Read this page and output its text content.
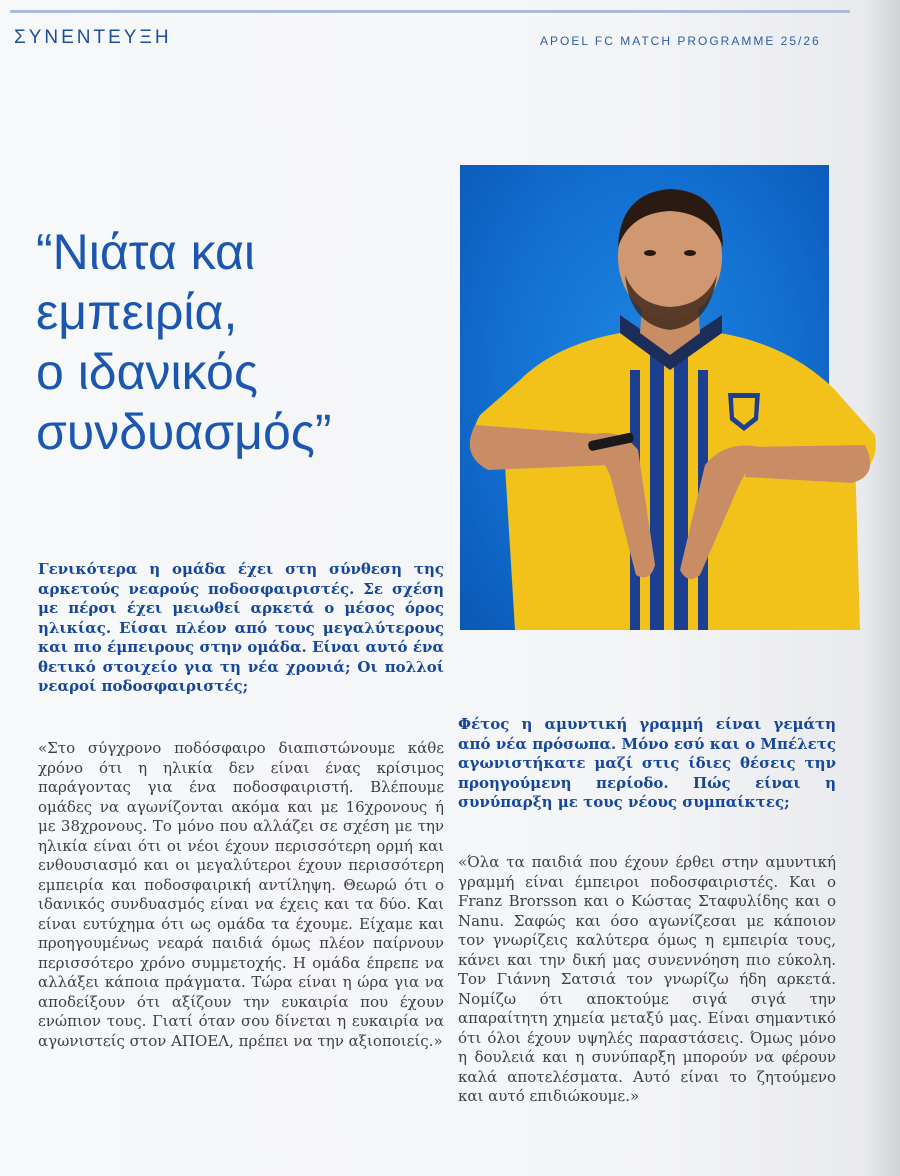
ΣΥΝΕΝΤΕΥΞΗ	APOEL FC MATCH PROGRAMME 25/26
“Νιάτα και
εμπειρία,
ο ιδανικός
συνδυασμός”

Γενικότερα η ομάδα έχει στη σύνθεση της αρκετούς νεαρούς ποδοσφαιριστές. Σε σχέση με πέρσι έχει μειωθεί αρκετά ο μέσος όρος ηλικίας. Είσαι πλέον από τους μεγαλύτερους και πιο έμπειρους στην ομάδα. Είναι αυτό ένα θετικό στοιχείο για τη νέα χρονιά; Οι πολλοί νεαροί ποδοσφαιριστές;

«Στο σύγχρονο ποδόσφαιρο διαπιστώνουμε κάθε χρόνο ότι η ηλικία δεν είναι ένας κρίσιμος παράγοντας για ένα ποδοσφαιριστή. Βλέπουμε ομάδες να αγωνίζονται ακόμα και με 16χρονους ή με 38χρονους. Το μόνο που αλλάζει σε σχέση με την ηλικία είναι ότι οι νέοι έχουν περισσότερη ορμή και ενθουσιασμό και οι μεγαλύτεροι έχουν περισσότερη εμπειρία και ποδοσφαιρική αντίληψη. Θεωρώ ότι ο ιδανικός συνδυασμός είναι να έχεις και τα δύο. Και είναι ευτύχημα ότι ως ομάδα τα έχουμε. Είχαμε και προηγουμένως νεαρά παιδιά όμως πλέον παίρνουν περισσότερο χρόνο συμμετοχής. Η ομάδα έπρεπε να αλλάξει κάποια πράγματα. Τώρα είναι η ώρα για να αποδείξουν ότι αξίζουν την ευκαιρία που έχουν ενώπιον τους. Γιατί όταν σου δίνεται η ευκαιρία να αγωνιστείς στον ΑΠΟΕΛ, πρέπει να την αξιοποιείς.»

Φέτος η αμυντική γραμμή είναι γεμάτη από νέα πρόσωπα. Μόνο εσύ και ο Μπέλετς αγωνιστήκατε μαζί στις ίδιες θέσεις την προηγούμενη περίοδο. Πώς είναι η συνύπαρξη με τους νέους συμπαίκτες;

«Όλα τα παιδιά που έχουν έρθει στην αμυντική γραμμή είναι έμπειροι ποδοσφαιριστές. Και ο Franz Brorsson και ο Κώστας Σταφυλίδης και ο Nanu. Σαφώς και όσο αγωνίζεσαι με κάποιον τον γνωρίζεις καλύτερα όμως η εμπειρία τους, κάνει και την δική μας συνεννόηση πιο εύκολη. Τον Γιάννη Σατσιά τον γνωρίζω ήδη αρκετά. Νομίζω ότι αποκτούμε σιγά σιγά την απαραίτητη χημεία μεταξύ μας. Είναι σημαντικό ότι όλοι έχουν υψηλές παραστάσεις. Όμως μόνο η δουλειά και η συνύπαρξη μπορούν να φέρουν καλά αποτελέσματα. Αυτό είναι το ζητούμενο και αυτό επιδιώκουμε.»
